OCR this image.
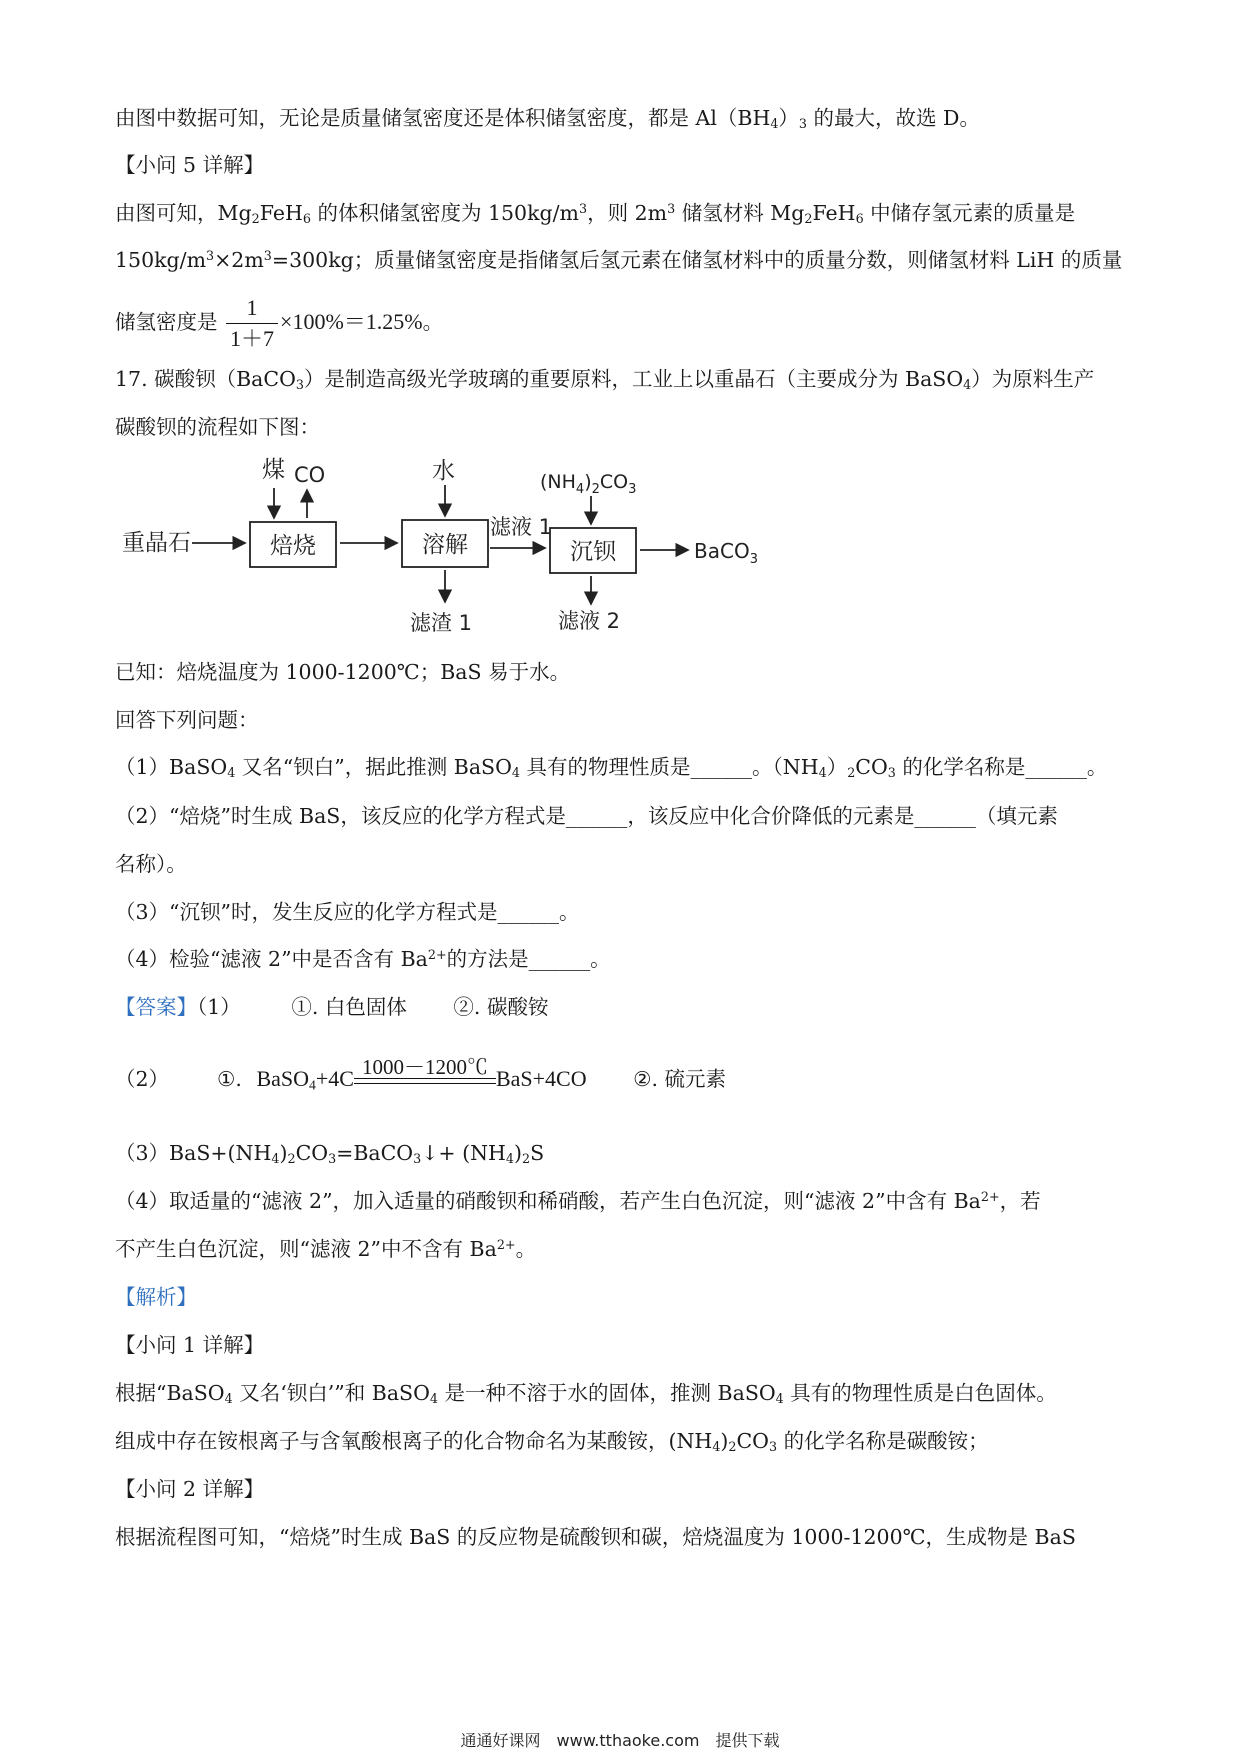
由图中数据可知，无论是质量储氢密度还是体积储氢密度，都是 $Al(BH_4)_3$ 的最大，故选 D。
【小问 5 详解】
由图可知，$Mg_2FeH_6$ 的体积储氢密度为 $150kg/m^3$，则 $2m^3$ 储氢材料 $Mg_2FeH_6$ 中储存氢元素的质量是
$150kg/m^3\times 2m^3=300kg$；质量储氢密度是指储氢后氢元素在储氢材料中的质量分数，则储氢材料 LiH 的质量
储氢密度是 $\frac{1}{1+7} \times 100\%=1.25\%$。
17. 碳酸钡（BaCO$_3$）是制造高级光学玻璃的重要原料，工业上以重晶石（主要成分为 BaSO$_4$）为原料生产
碳酸钡的流程如下图：
重晶石	焙烧
煤 CO
溶解
水
滤渣 1
滤液 1
沉钡
$(NH_4)_2CO_3$
滤液 2
BaCO$_3$
已知：焙烧温度为 1000-1200℃；BaS 易于水。
回答下列问题：
（1）BaSO$_4$ 又名“钡白”，据此推测 BaSO$_4$ 具有的物理性质是______。$(NH_4)_2CO_3$ 的化学名称是______。
（2）“焙烧”时生成 BaS，该反应的化学方程式是______，该反应中化合价降低的元素是______（填元素
名称）。
（3）“沉钡”时，发生反应的化学方程式是______。
（4）检验“滤液 2”中是否含有 $Ba^{2+}$的方法是______。
【答案】（1） ①. 白色固体 ②. 碳酸铵
（2） ①. BaSO$_4$+4C 1000－1200℃ BaS+4CO ②. 硫元素
$(3)BaS+(NH_4)_2CO_3=BaCO_3↓+ (NH_4)_2S$
（4）取适量的“滤液 2”，加入适量的硝酸钡和稀硝酸，若产生白色沉淀，则“滤液 2”中含有 $Ba^{2+}$，若
不产生白色沉淀，则“滤液 2”中不含有 $Ba^{2+}$。
【解析】
【小问 1 详解】
根据“BaSO$_4$ 又名‘钡白’”和 BaSO$_4$ 是一种不溶于水的固体，推测 BaSO$_4$ 具有的物理性质是白色固体。
组成中存在铵根离子与含氧酸根离子的化合物命名为某酸铵，$(NH_4)_2CO_3$ 的化学名称是碳酸铵；
【小问 2 详解】
根据流程图可知，“焙烧”时生成 BaS 的反应物是硫酸钡和碳，焙烧温度为 1000-1200℃，生成物是 BaS
通通好课网　www.tthaoke.com　提供下载
